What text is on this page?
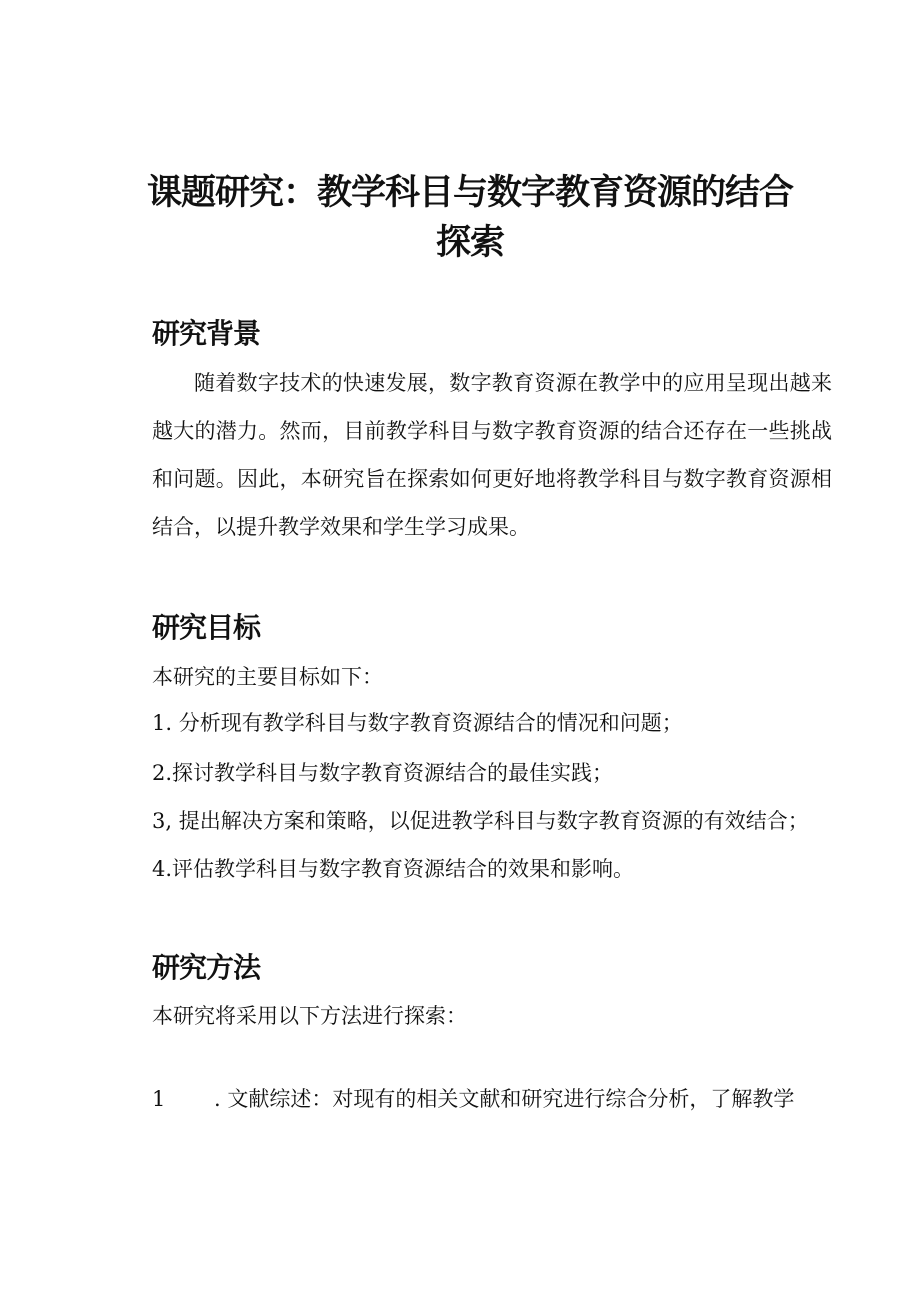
课题研究：教学科目与数字教育资源的结合
探索
研究背景

随着数字技术的快速发展，数字教育资源在教学中的应用呈现出越来越大的潜力。然而，目前教学科目与数字教育资源的结合还存在一些挑战和问题。因此，本研究旨在探索如何更好地将教学科目与数字教育资源相结合，以提升教学效果和学生学习成果。

研究目标

本研究的主要目标如下：

1. 分析现有教学科目与数字教育资源结合的情况和问题；

2.探讨教学科目与数字教育资源结合的最佳实践；

3, 提出解决方案和策略，以促进教学科目与数字教育资源的有效结合；

4.评估教学科目与数字教育资源结合的效果和影响。

研究方法

本研究将采用以下方法进行探索：

1 . 文献综述：对现有的相关文献和研究进行综合分析，了解教学
